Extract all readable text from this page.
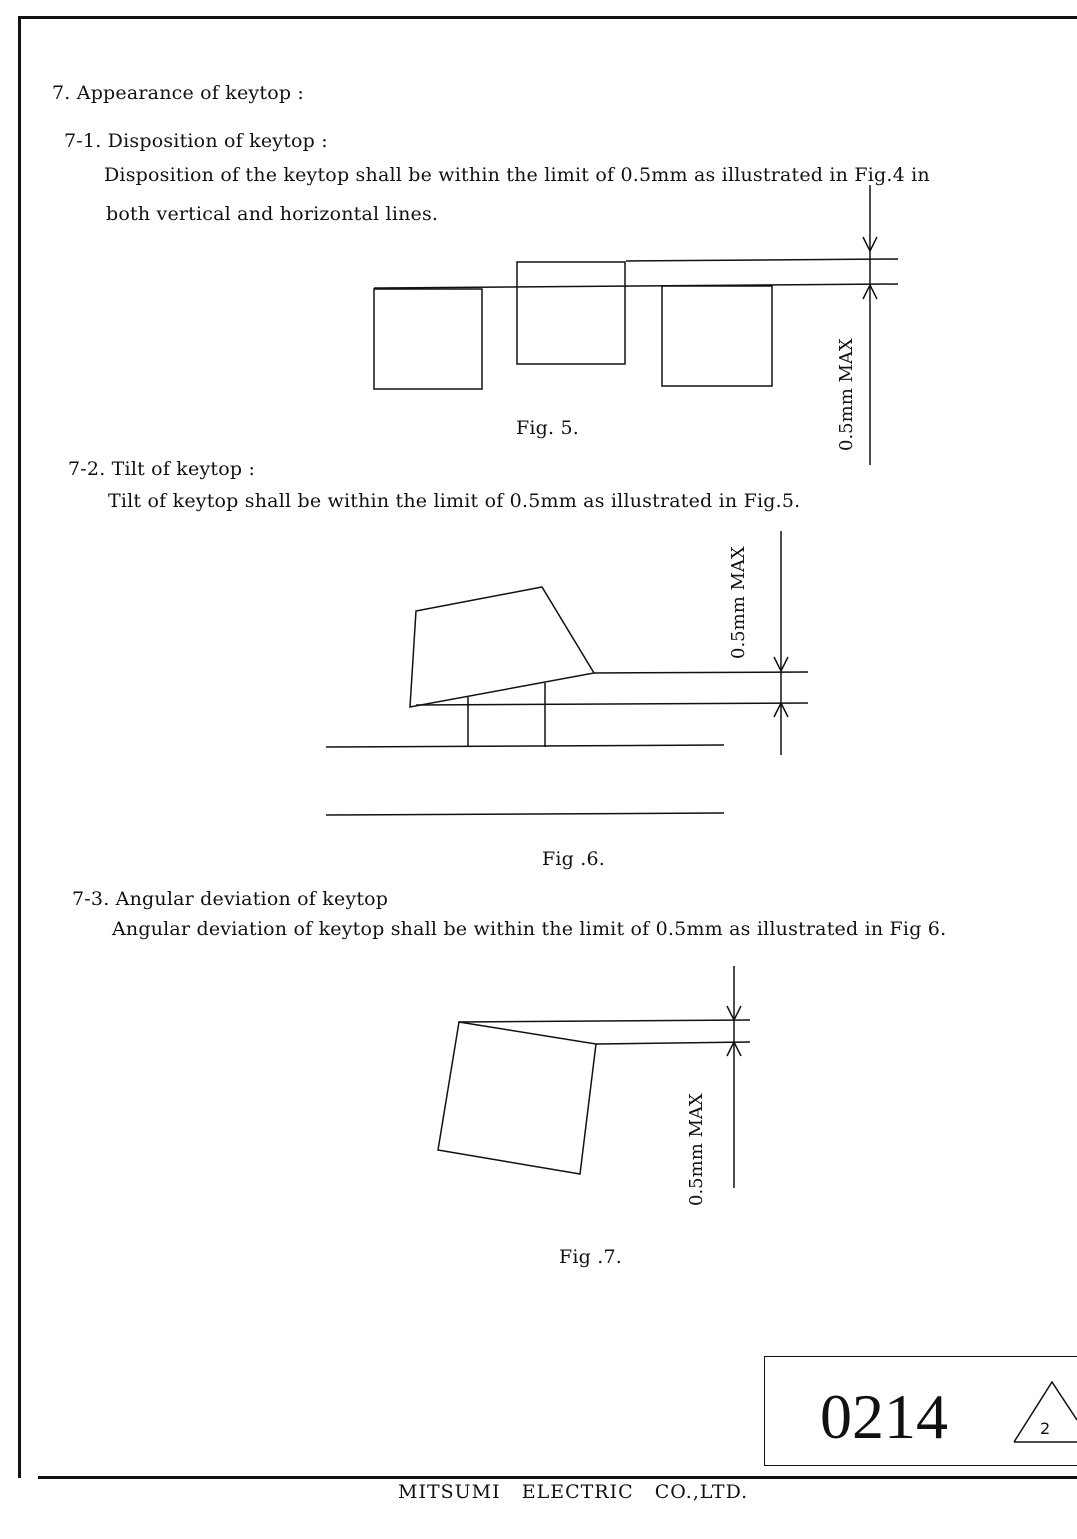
7. Appearance of keytop :
7-1. Disposition of keytop :
Disposition of the keytop shall be within the limit of 0.5mm as illustrated in Fig.4 in
both vertical and horizontal lines.
0.5mm MAX
Fig. 5.
7-2. Tilt of keytop :
Tilt of keytop shall be within the limit of 0.5mm as illustrated in Fig.5.
0.5mm MAX
Fig .6.
7-3. Angular deviation of keytop
Angular deviation of keytop shall be within the limit of 0.5mm as illustrated in Fig 6.
0.5mm MAX
Fig .7.
0214	2
MITSUMI   ELECTRIC   CO.,LTD.
